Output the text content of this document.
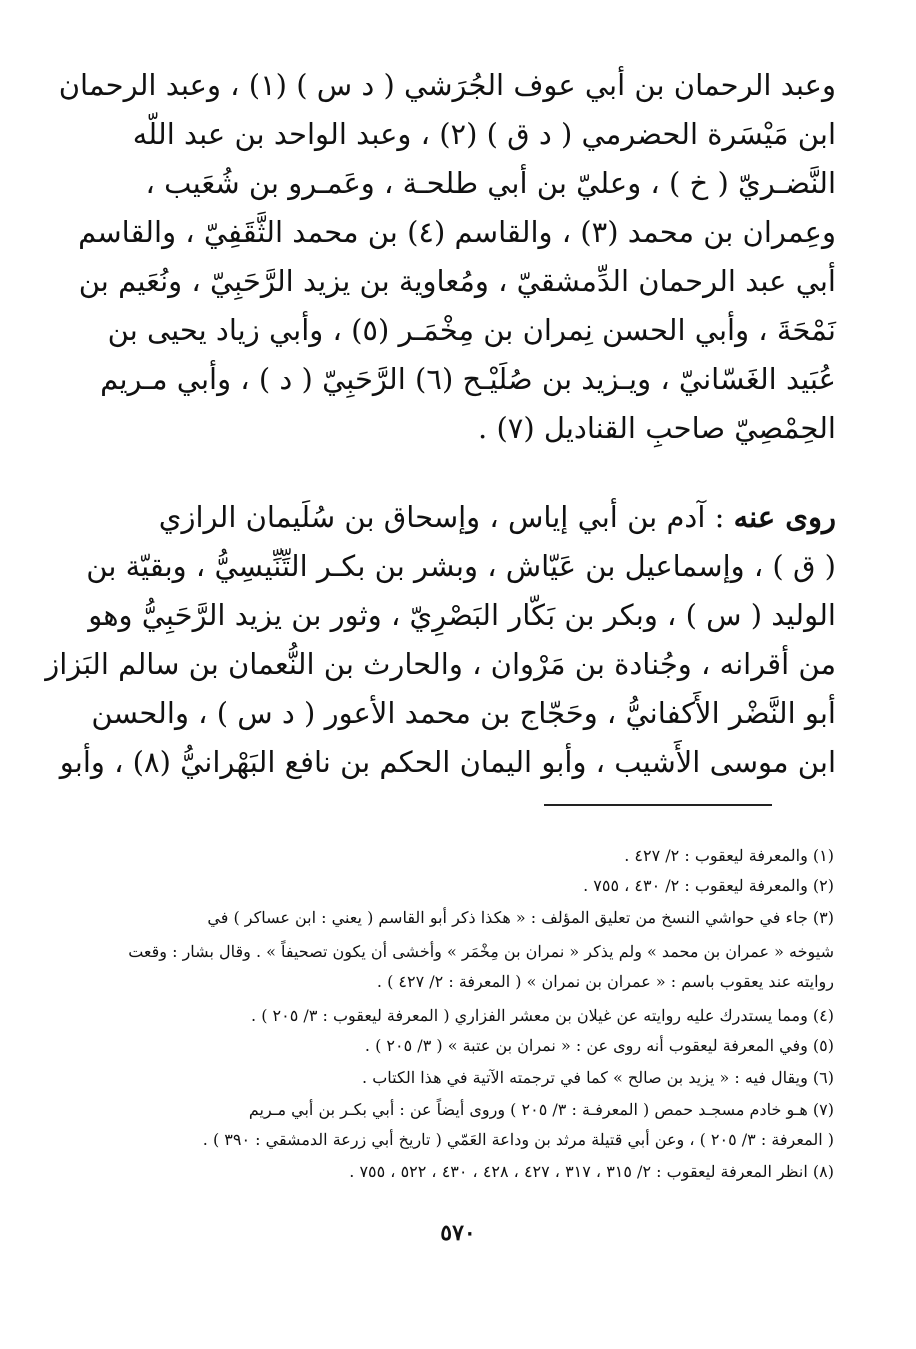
وعبد الرحمان بن أبي عوف الجُرَشي ( د س ) (١) ، وعبد الرحمان
ابن مَيْسَرة الحضرمي ( د ق ) (٢) ، وعبد الواحد بن عبد اللّه
النَّضـريّ ( خ ) ، وعليّ بن أبي طلحـة ، وعَمـرو بن شُعَيب ،
وعِمران بن محمد (٣) ، والقاسم (٤) بن محمد الثَّقَفِيّ ، والقاسم
أبي عبد الرحمان الدِّمشقيّ ، ومُعاوية بن يزيد الرَّحَبِيّ ، ونُعَيم بن
نَمْحَةَ ، وأبي الحسن نِمران بن مِخْمَـر (٥) ، وأبي زياد يحيى بن
عُبَيد الغَسّانيّ ، ويـزيد بن صُلَيْـح (٦) الرَّحَبِيّ ( د ) ، وأبي مـريم
الحِمْصِيّ صاحبِ القناديل (٧) .
روى عنه : آدم بن أبي إياس ، وإسحاق بن سُلَيمان الرازي
( ق ) ، وإسماعيل بن عَيّاش ، وبشر بن بكـر التِّنِّيسِيُّ ، وبقيّة بن
الوليد ( س ) ، وبكر بن بَكّار البَصْرِيّ ، وثور بن يزيد الرَّحَبِيُّ وهو
من أقرانه ، وجُنادة بن مَرْوان ، والحارث بن النُّعمان بن سالم البَزاز
أبو النَّضْر الأَكفانيُّ ، وحَجّاج بن محمد الأعور ( د س ) ، والحسن
ابن موسى الأَشيب ، وأبو اليمان الحكم بن نافع البَهْرانيُّ (٨) ، وأبو
(١) والمعرفة ليعقوب : ٢/ ٤٢٧ .
(٢) والمعرفة ليعقوب : ٢/ ٤٣٠ ، ٧٥٥ .
(٣) جاء في حواشي النسخ من تعليق المؤلف : « هكذا ذكر أبو القاسم ( يعني : ابن عساكر ) في
شيوخه « عمران بن محمد » ولم يذكر « نمران بن مِخْمَر » وأخشى أن يكون تصحيفاً » . وقال بشار : وقعت
روايته عند يعقوب باسم : « عمران بن نمران » ( المعرفة : ٢/ ٤٢٧ ) .
(٤) ومما يستدرك عليه روايته عن غيلان بن معشر الفزاري ( المعرفة ليعقوب : ٣/ ٢٠٥ ) .
(٥) وفي المعرفة ليعقوب أنه روى عن : « نمران بن عتبة » ( ٣/ ٢٠٥ ) .
(٦) ويقال فيه : « يزيد بن صالح » كما في ترجمته الآتية في هذا الكتاب .
(٧) هـو خادم مسجـد حمص ( المعرفـة : ٣/ ٢٠٥ ) وروى أيضاً عن : أبي بكـر بن أبي مـريم
( المعرفة : ٣/ ٢٠٥ ) ، وعن أبي قتيلة مرثد بن وداعة العَمّي ( تاريخ أبي زرعة الدمشقي : ٣٩٠ ) .
(٨) انظر المعرفة ليعقوب : ٢/ ٣١٥ ، ٣١٧ ، ٤٢٧ ، ٤٢٨ ، ٤٣٠ ، ٥٢٢ ، ٧٥٥ .
٥٧٠
